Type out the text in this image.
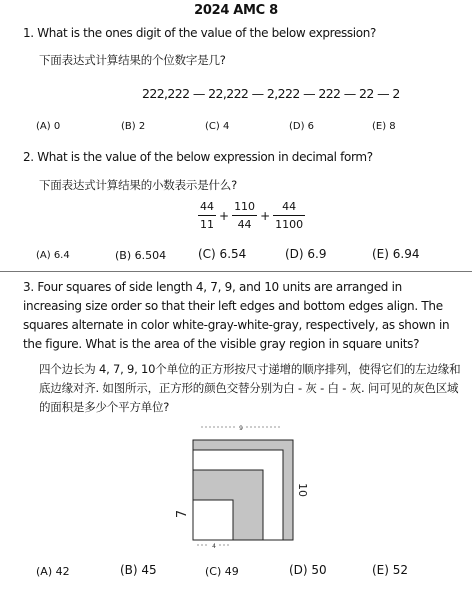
2024 AMC 8
1. What is the ones digit of the value of the below expression?
下面表达式计算结果的个位数字是几?
222,222 — 22,222 — 2,222 — 222 — 22 — 2
(A) 0	(B) 2	(C) 4	(D) 6	(E) 8
2. What is the value of the below expression in decimal form?
下面表达式计算结果的小数表示是什么?
$\frac{44}{11} + \frac{110}{44} + \frac{44}{1100}$
(A) 6.4	(B) 6.504	(C) 6.54	(D) 6.9	(E) 6.94
3. Four squares of side length 4, 7, 9, and 10 units are arranged in increasing size order so that their left edges and bottom edges align. The squares alternate in color white-gray-white-gray, respectively, as shown in the figure. What is the area of the visible gray region in square units?
四个边长为 4, 7, 9, 10个单位的正方形按尺寸递增的顺序排列，使得它们的左边缘和底边缘对齐. 如图所示，正方形的颜色交替分别为白 - 灰 - 白 - 灰. 问可见的灰色区域的面积是多少个平方单位?
9
10
7
4
(A) 42	(B) 45	(C) 49	(D) 50	(E) 52
